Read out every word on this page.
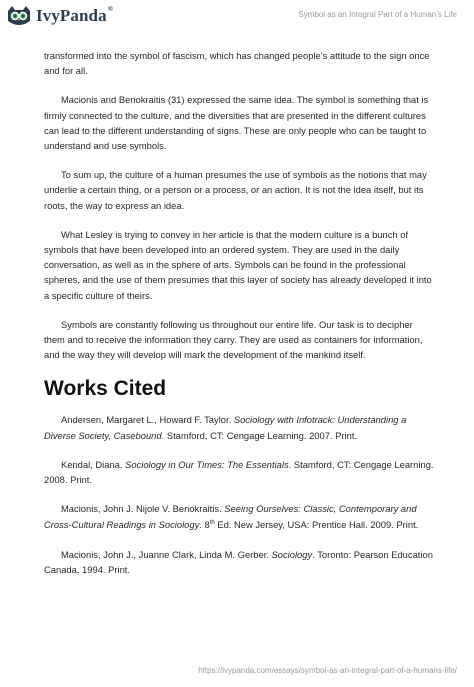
IvyPanda®
Symbol as an Integral Part of a Human’s Life

transformed into the symbol of fascism, which has changed people’s attitude to the sign once and for all.

Macionis and Benokraitis (31) expressed the same idea. The symbol is something that is firmly connected to the culture, and the diversities that are presented in the different cultures can lead to the different understanding of signs. These are only people who can be taught to understand and use symbols.

To sum up, the culture of a human presumes the use of symbols as the notions that may underlie a certain thing, or a person or a process, or an action. It is not the idea itself, but its roots, the way to express an idea.

What Lesley is trying to convey in her article is that the modern culture is a bunch of symbols that have been developed into an ordered system. They are used in the daily conversation, as well as in the sphere of arts. Symbols can be found in the professional spheres, and the use of them presumes that this layer of society has already developed it into a specific culture of theirs.

Symbols are constantly following us throughout our entire life. Our task is to decipher them and to receive the information they carry. They are used as containers for information, and the way they will develop will mark the development of the mankind itself.

Works Cited

Andersen, Margaret L., Howard F. Taylor. Sociology with Infotrack: Understanding a Diverse Society, Casebound. Stamford, CT: Cengage Learning. 2007. Print.

Kendal, Diana. Sociology in Our Times: The Essentials. Stamford, CT: Cengage Learning. 2008. Print.

Macionis, John J. Nijole V. Benokraitis. Seeing Ourselves: Classic, Contemporary and Cross-Cultural Readings in Sociology. 8th Ed. New Jersey, USA: Prentice Hall. 2009. Print.

Macionis, John J., Juanne Clark, Linda M. Gerber. Sociology. Toronto: Pearson Education Canada. 1994. Print.

https://ivypanda.com/essays/symbol-as-an-integral-part-of-a-humans-life/
